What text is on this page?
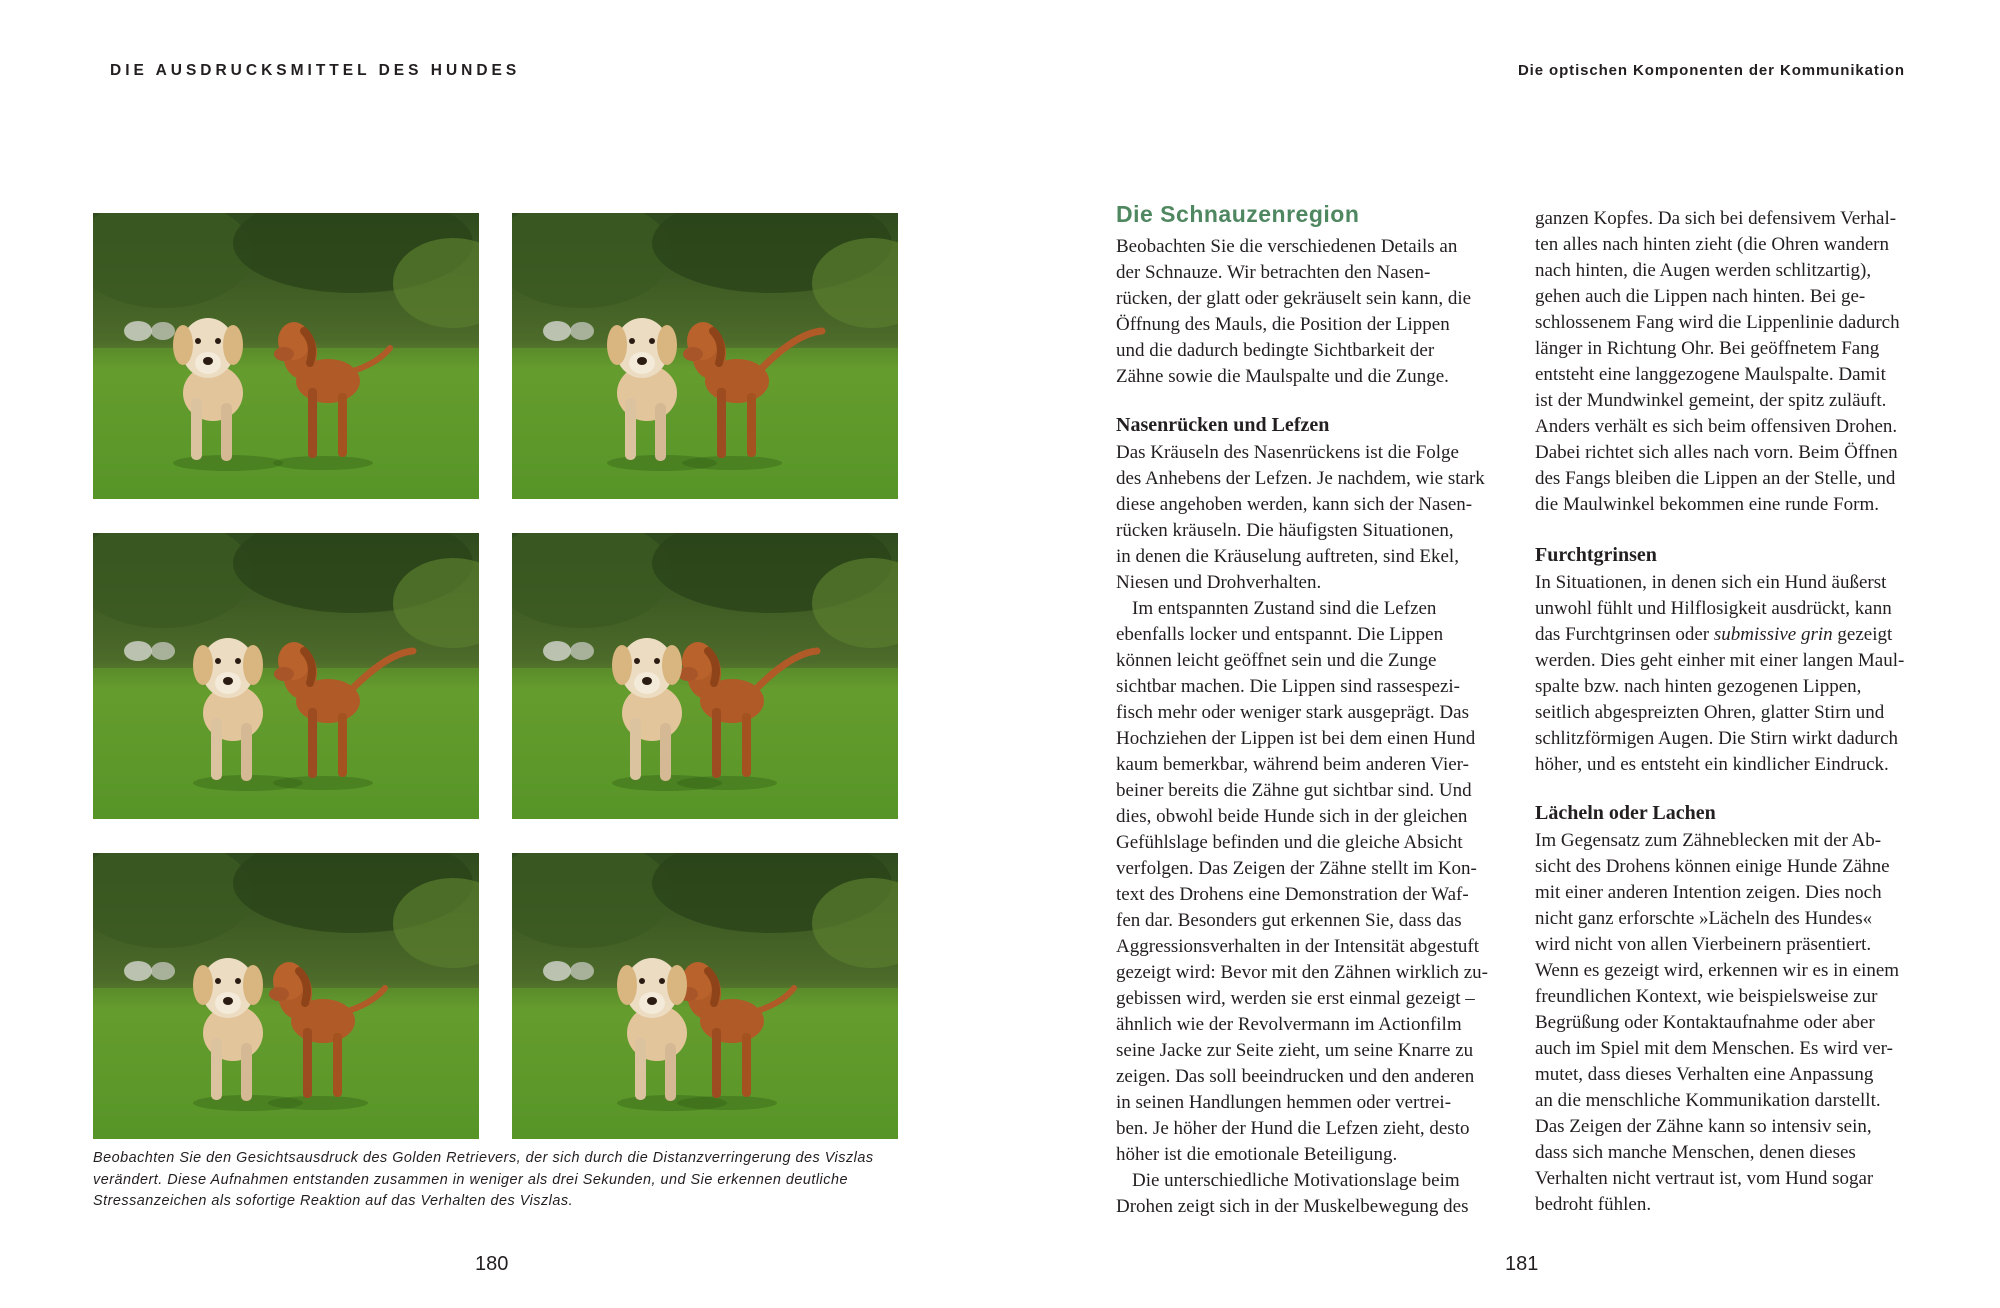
DIE AUSDRUCKSMITTEL DES HUNDES	Die optischen Komponenten der Kommunikation

Beobachten Sie den Gesichtsausdruck des Golden Retrievers, der sich durch die Distanzverringerung des Viszlas

verändert. Diese Aufnahmen entstanden zusammen in weniger als drei Sekunden, und Sie erkennen deutliche

Stressanzeichen als sofortige Reaktion auf das Verhalten des Viszlas.

180	181
Die Schnauzenregion

Beobachten Sie die verschiedenen Details an

der Schnauze. Wir betrachten den Nasen-

rücken, der glatt oder gekräuselt sein kann, die

Öffnung des Mauls, die Position der Lippen

und die dadurch bedingte Sichtbarkeit der

Zähne sowie die Maulspalte und die Zunge.

Nasenrücken und Lefzen

Das Kräuseln des Nasenrückens ist die Folge

des Anhebens der Lefzen. Je nachdem, wie stark

diese angehoben werden, kann sich der Nasen-

rücken kräuseln. Die häufigsten Situationen,

in denen die Kräuselung auftreten, sind Ekel,

Niesen und Drohverhalten.

Im entspannten Zustand sind die Lefzen

ebenfalls locker und entspannt. Die Lippen

können leicht geöffnet sein und die Zunge

sichtbar machen. Die Lippen sind rassespezi-

fisch mehr oder weniger stark ausgeprägt. Das

Hochziehen der Lippen ist bei dem einen Hund

kaum bemerkbar, während beim anderen Vier-

beiner bereits die Zähne gut sichtbar sind. Und

dies, obwohl beide Hunde sich in der gleichen

Gefühlslage befinden und die gleiche Absicht

verfolgen. Das Zeigen der Zähne stellt im Kon-

text des Drohens eine Demonstration der Waf-

fen dar. Besonders gut erkennen Sie, dass das

Aggressionsverhalten in der Intensität abgestuft

gezeigt wird: Bevor mit den Zähnen wirklich zu-

gebissen wird, werden sie erst einmal gezeigt –

ähnlich wie der Revolvermann im Actionfilm

seine Jacke zur Seite zieht, um seine Knarre zu

zeigen. Das soll beeindrucken und den anderen

in seinen Handlungen hemmen oder vertrei-

ben. Je höher der Hund die Lefzen zieht, desto

höher ist die emotionale Beteiligung.

Die unterschiedliche Motivationslage beim

Drohen zeigt sich in der Muskelbewegung des

ganzen Kopfes. Da sich bei defensivem Verhal-

ten alles nach hinten zieht (die Ohren wandern

nach hinten, die Augen werden schlitzartig),

gehen auch die Lippen nach hinten. Bei ge-

schlossenem Fang wird die Lippenlinie dadurch

länger in Richtung Ohr. Bei geöffnetem Fang

entsteht eine langgezogene Maulspalte. Damit

ist der Mundwinkel gemeint, der spitz zuläuft.

Anders verhält es sich beim offensiven Drohen.

Dabei richtet sich alles nach vorn. Beim Öffnen

des Fangs bleiben die Lippen an der Stelle, und

die Maulwinkel bekommen eine runde Form.

Furchtgrinsen

In Situationen, in denen sich ein Hund äußerst

unwohl fühlt und Hilflosigkeit ausdrückt, kann

das Furchtgrinsen oder submissive grin gezeigt

werden. Dies geht einher mit einer langen Maul-

spalte bzw. nach hinten gezogenen Lippen,

seitlich abgespreizten Ohren, glatter Stirn und

schlitzförmigen Augen. Die Stirn wirkt dadurch

höher, und es entsteht ein kindlicher Eindruck.

Lächeln oder Lachen

Im Gegensatz zum Zähneblecken mit der Ab-

sicht des Drohens können einige Hunde Zähne

mit einer anderen Intention zeigen. Dies noch

nicht ganz erforschte »Lächeln des Hundes«

wird nicht von allen Vierbeinern präsentiert.

Wenn es gezeigt wird, erkennen wir es in einem

freundlichen Kontext, wie beispielsweise zur

Begrüßung oder Kontaktaufnahme oder aber

auch im Spiel mit dem Menschen. Es wird ver-

mutet, dass dieses Verhalten eine Anpassung

an die menschliche Kommunikation darstellt.

Das Zeigen der Zähne kann so intensiv sein,

dass sich manche Menschen, denen dieses

Verhalten nicht vertraut ist, vom Hund sogar

bedroht fühlen.
